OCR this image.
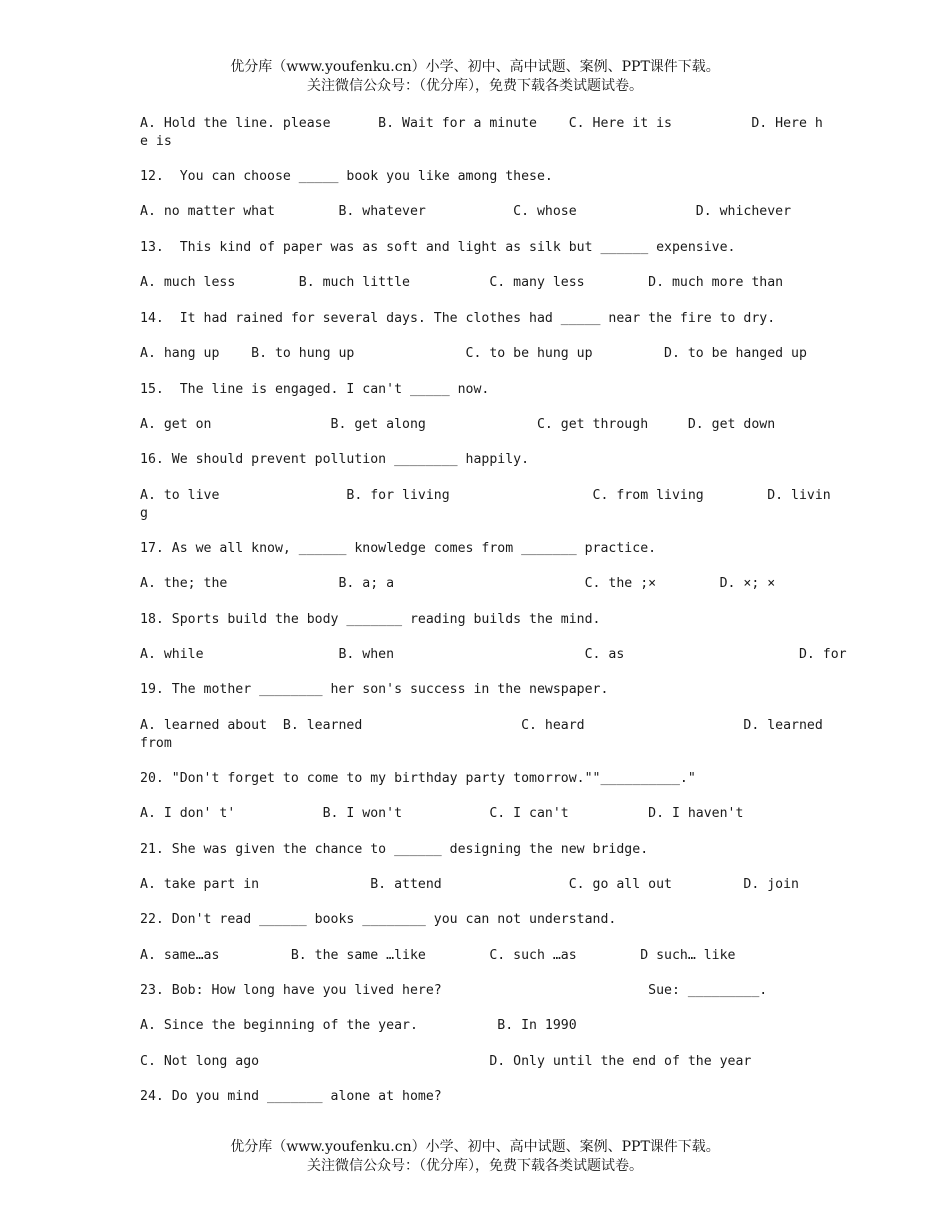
优分库（www.youfenku.cn）小学、初中、高中试题、案例、PPT课件下载。
关注微信公众号：（优分库），免费下载各类试题试卷。

A. Hold the line. please      B. Wait for a minute    C. Here it is          D. Here h

e is

12.  You can choose _____ book you like among these.

A. no matter what        B. whatever           C. whose               D. whichever

13.  This kind of paper was as soft and light as silk but ______ expensive.

A. much less        B. much little          C. many less        D. much more than

14.  It had rained for several days. The clothes had _____ near the fire to dry.

A. hang up    B. to hung up              C. to be hung up         D. to be hanged up

15.  The line is engaged. I can't _____ now.

A. get on               B. get along              C. get through     D. get down

16. We should prevent pollution ________ happily.

A. to live                B. for living                  C. from living        D. livin

g

17. As we all know, ______ knowledge comes from _______ practice.

A. the; the              B. a; a                        C. the ;×        D. ×; ×

18. Sports build the body _______ reading builds the mind.

A. while                 B. when                        C. as                      D. for

19. The mother ________ her son's success in the newspaper.

A. learned about  B. learned                    C. heard                    D. learned

from

20. "Don't forget to come to my birthday party tomorrow.""__________."

A. I don' t'           B. I won't           C. I can't          D. I haven't

21. She was given the chance to ______ designing the new bridge.

A. take part in              B. attend                C. go all out         D. join

22. Don't read ______ books ________ you can not understand.

A. same…as         B. the same …like        C. such …as        D such… like

23. Bob: How long have you lived here?                          Sue: _________.

A. Since the beginning of the year.          B. In 1990

C. Not long ago                             D. Only until the end of the year

24. Do you mind _______ alone at home?

优分库（www.youfenku.cn）小学、初中、高中试题、案例、PPT课件下载。
关注微信公众号：（优分库），免费下载各类试题试卷。
